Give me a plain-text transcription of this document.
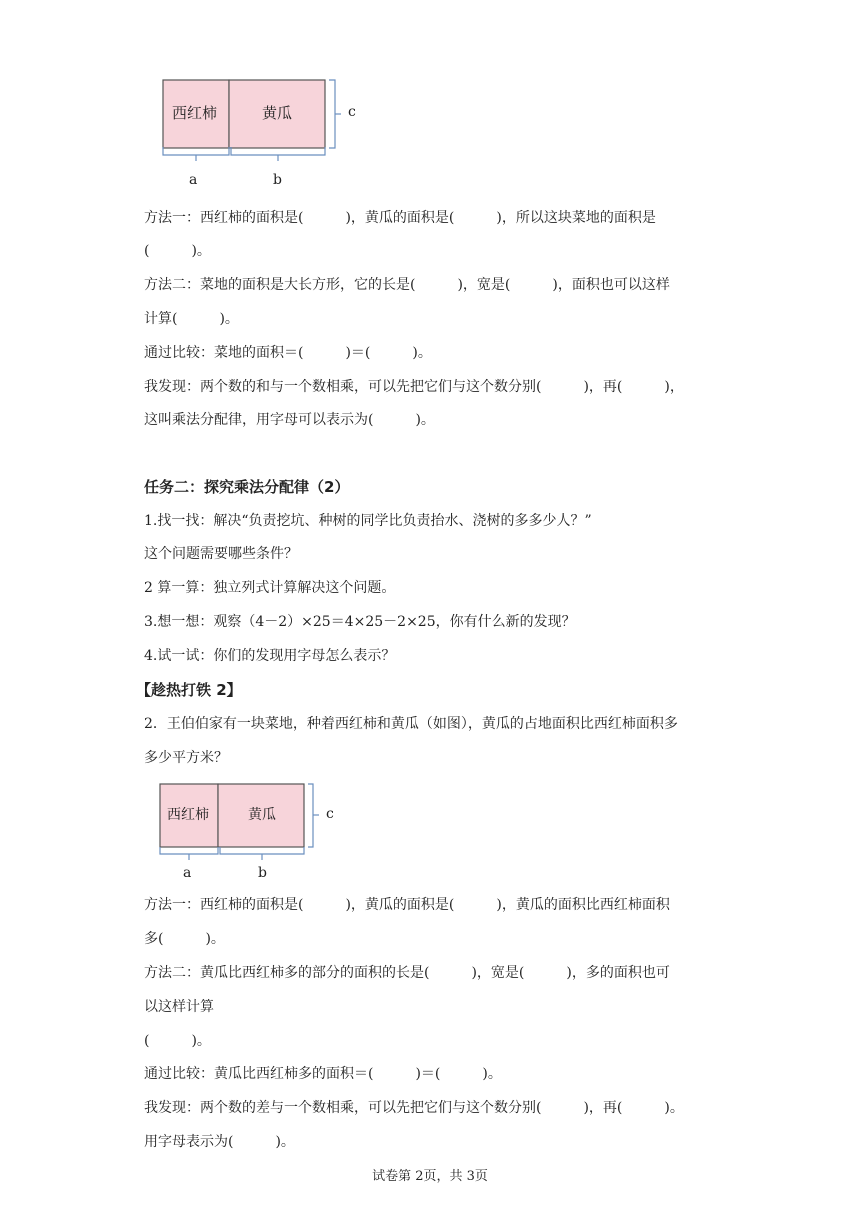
西红柿	黄瓜
a	b
c
方法一：西红柿的面积是(　　　)，黄瓜的面积是(　　　)，所以这块菜地的面积是
(　　　)。
方法二：菜地的面积是大长方形，它的长是(　　　)，宽是(　　　)，面积也可以这样
计算(　　　)。
通过比较：菜地的面积＝(　　　)＝(　　　)。
我发现：两个数的和与一个数相乘，可以先把它们与这个数分别(　　　)，再(　　　)，
这叫乘法分配律，用字母可以表示为(　　　)。
任务二：探究乘法分配律（2）
1.找一找：解决“负责挖坑、种树的同学比负责抬水、浇树的多多少人？”
这个问题需要哪些条件？
2 算一算：独立列式计算解决这个问题。
3.想一想：观察（4－2）×25＝4×25－2×25，你有什么新的发现？
4.试一试：你们的发现用字母怎么表示？
【趁热打铁 2】
2．王伯伯家有一块菜地，种着西红柿和黄瓜（如图），黄瓜的占地面积比西红柿面积多
多少平方米？
西红柿	黄瓜
a	b
c
方法一：西红柿的面积是(　　　)，黄瓜的面积是(　　　)，黄瓜的面积比西红柿面积
多(　　　)。
方法二：黄瓜比西红柿多的部分的面积的长是(　　　)，宽是(　　　)，多的面积也可
以这样计算
(　　　)。
通过比较：黄瓜比西红柿多的面积＝(　　　)＝(　　　)。
我发现：两个数的差与一个数相乘，可以先把它们与这个数分别(　　　)，再(　　　)。
用字母表示为(　　　)。
试卷第 2页，共 3页
